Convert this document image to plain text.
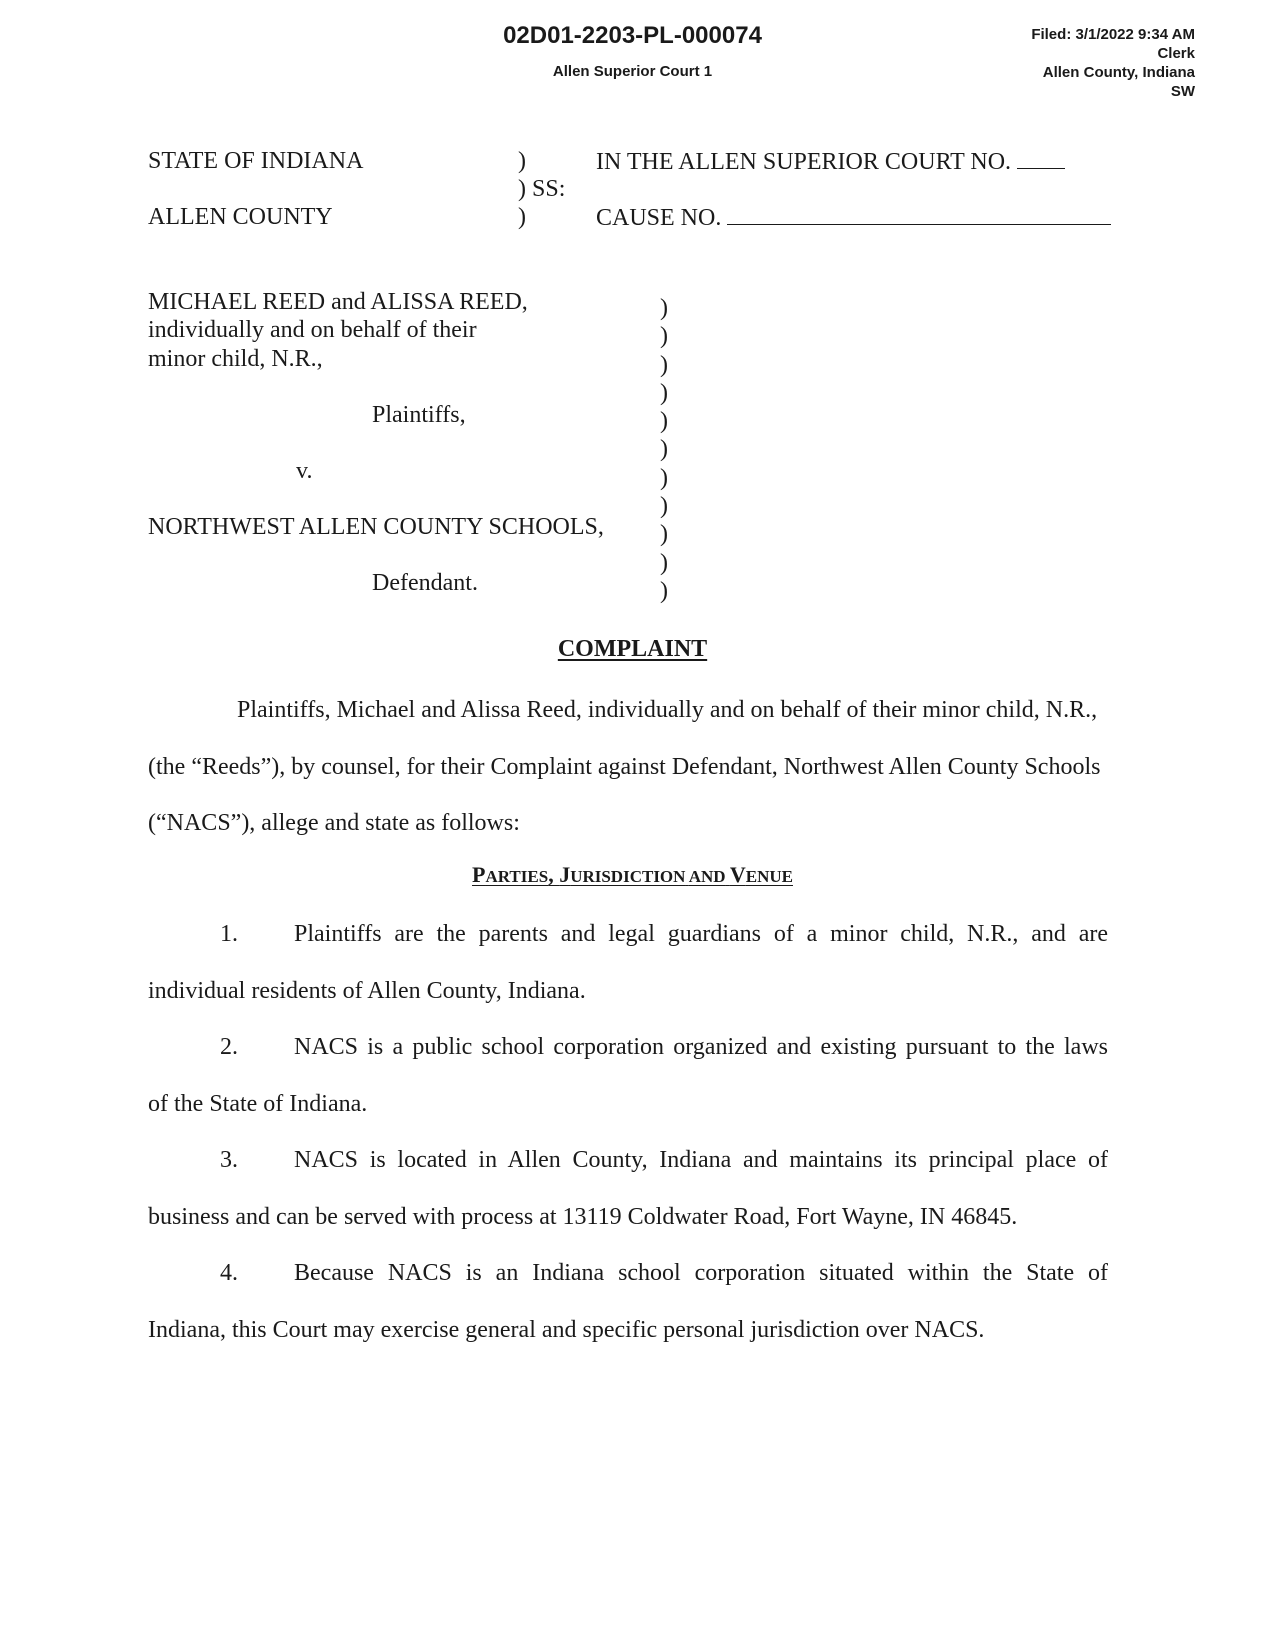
02D01-2203-PL-000074
Allen Superior Court 1
Filed: 3/1/2022 9:34 AM
Clerk
Allen County, Indiana
SW
STATE OF INDIANA
ALLEN COUNTY
)
) SS:
)
IN THE ALLEN SUPERIOR COURT NO.
CAUSE NO.
MICHAEL REED and ALISSA REED,
individually and on behalf of their
minor child, N.R.,
Plaintiffs,
v.
NORTHWEST ALLEN COUNTY SCHOOLS,
Defendant.
)
)
)
)
)
)
)
)
)
)
)
COMPLAINT
Plaintiffs, Michael and Alissa Reed, individually and on behalf of their minor child, N.R.,
(the “Reeds”), by counsel, for their Complaint against Defendant, Northwest Allen County Schools
(“NACS”), allege and state as follows:
PARTIES, JURISDICTION AND VENUE
1. Plaintiffs are the parents and legal guardians of a minor child, N.R., and are
individual residents of Allen County, Indiana.
2. NACS is a public school corporation organized and existing pursuant to the laws
of the State of Indiana.
3. NACS is located in Allen County, Indiana and maintains its principal place of
business and can be served with process at 13119 Coldwater Road, Fort Wayne, IN 46845.
4. Because NACS is an Indiana school corporation situated within the State of
Indiana, this Court may exercise general and specific personal jurisdiction over NACS.
